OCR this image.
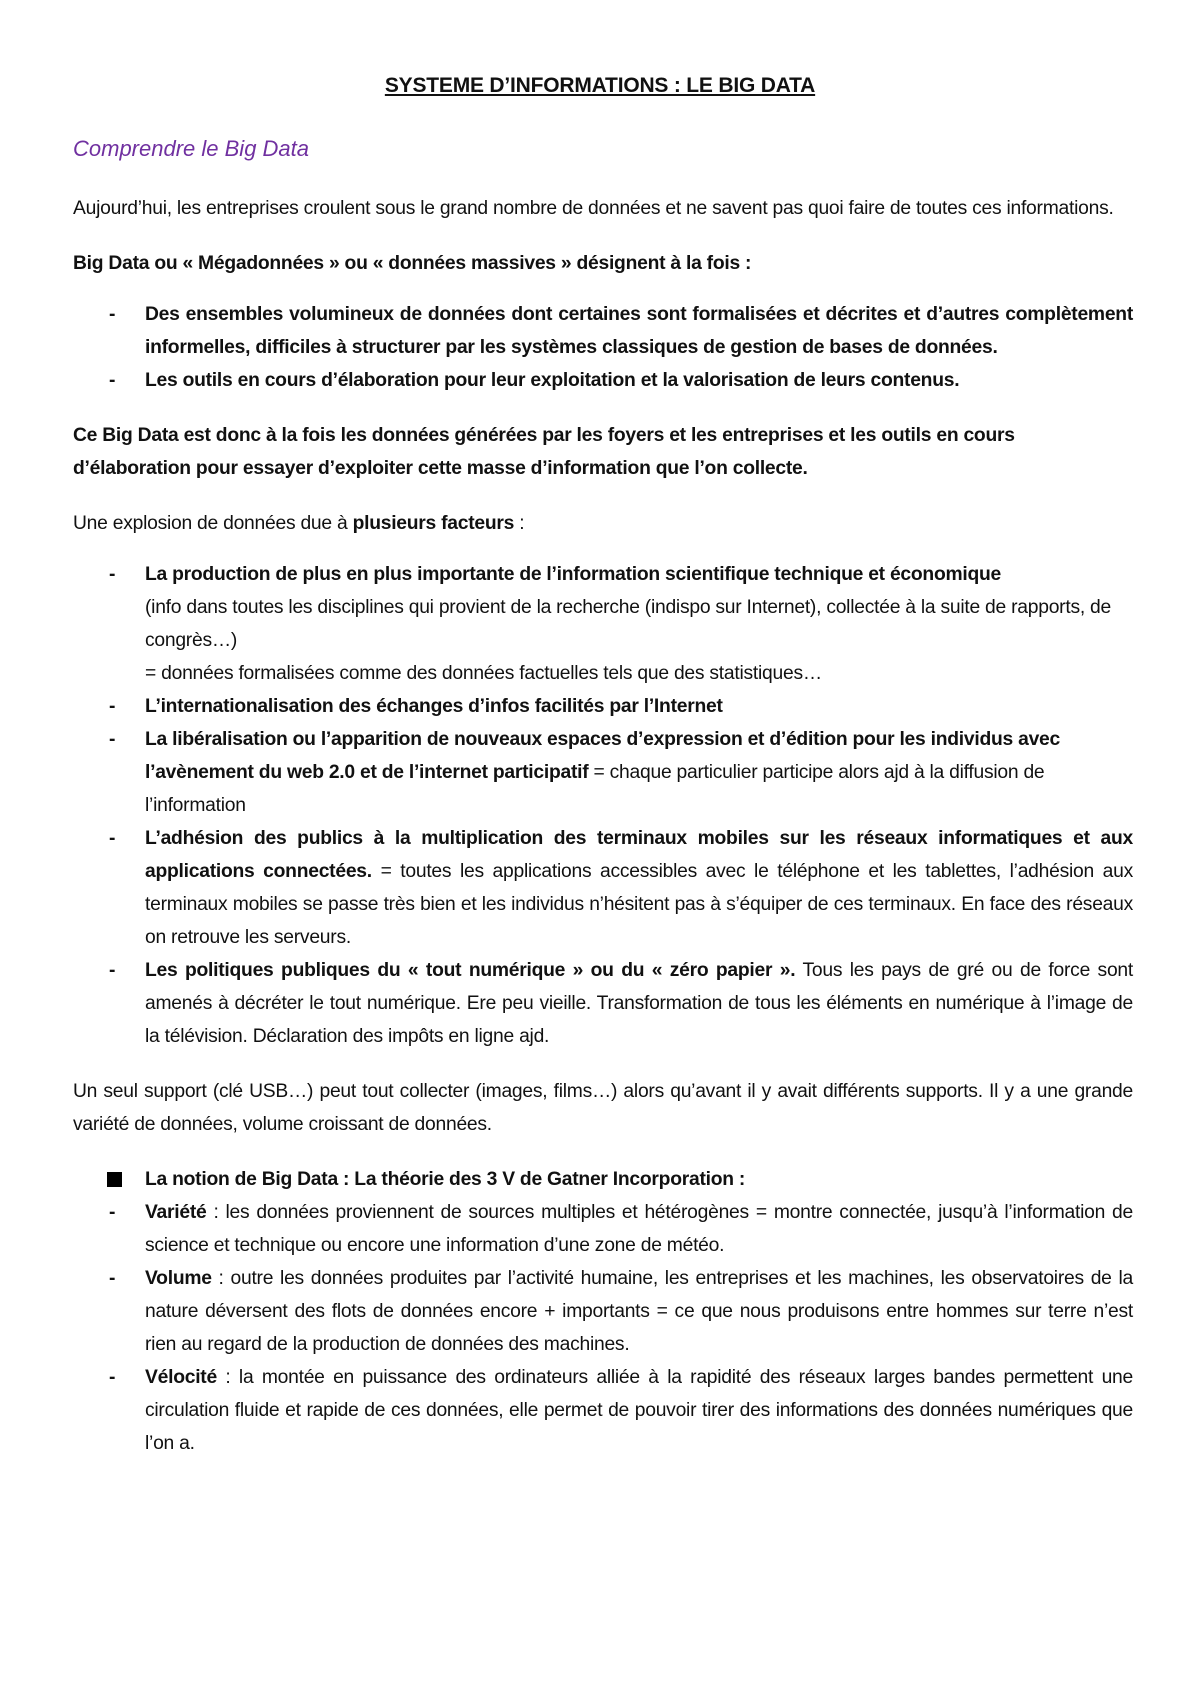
SYSTEME D’INFORMATIONS : LE BIG DATA
Comprendre le Big Data

Aujourd’hui, les entreprises croulent sous le grand nombre de données et ne savent pas quoi faire de toutes ces informations.

Big Data ou « Mégadonnées » ou « données massives » désignent à la fois :

- Des ensembles volumineux de données dont certaines sont formalisées et décrites et d’autres complètement informelles, difficiles à structurer par les systèmes classiques de gestion de bases de données.
- Les outils en cours d’élaboration pour leur exploitation et la valorisation de leurs contenus.

Ce Big Data est donc à la fois les données générées par les foyers et les entreprises et les outils en cours d’élaboration pour essayer d’exploiter cette masse d’information que l’on collecte.

Une explosion de données due à plusieurs facteurs :

- La production de plus en plus importante de l’information scientifique technique et économique
(info dans toutes les disciplines qui provient de la recherche (indispo sur Internet), collectée à la suite de rapports, de congrès…)
= données formalisées comme des données factuelles tels que des statistiques…
- L’internationalisation des échanges d’infos facilités par l’Internet
- La libéralisation ou l’apparition de nouveaux espaces d’expression et d’édition pour les individus avec l’avènement du web 2.0 et de l’internet participatif = chaque particulier participe alors ajd à la diffusion de l’information
- L’adhésion des publics à la multiplication des terminaux mobiles sur les réseaux informatiques et aux applications connectées. = toutes les applications accessibles avec le téléphone et les tablettes, l’adhésion aux terminaux mobiles se passe très bien et les individus n’hésitent pas à s’équiper de ces terminaux. En face des réseaux on retrouve les serveurs.
- Les politiques publiques du « tout numérique » ou du « zéro papier ». Tous les pays de gré ou de force sont amenés à décréter le tout numérique. Ere peu vieille. Transformation de tous les éléments en numérique à l’image de la télévision. Déclaration des impôts en ligne ajd.

Un seul support (clé USB…) peut tout collecter (images, films…) alors qu’avant il y avait différents supports. Il y a une grande variété de données, volume croissant de données.

La notion de Big Data : La théorie des 3 V de Gatner Incorporation :
- Variété : les données proviennent de sources multiples et hétérogènes = montre connectée, jusqu’à l’information de science et technique ou encore une information d’une zone de météo.
- Volume : outre les données produites par l’activité humaine, les entreprises et les machines, les observatoires de la nature déversent des flots de données encore + importants = ce que nous produisons entre hommes sur terre n’est rien au regard de la production de données des machines.
- Vélocité : la montée en puissance des ordinateurs alliée à la rapidité des réseaux larges bandes permettent une circulation fluide et rapide de ces données, elle permet de pouvoir tirer des informations des données numériques que l’on a.
